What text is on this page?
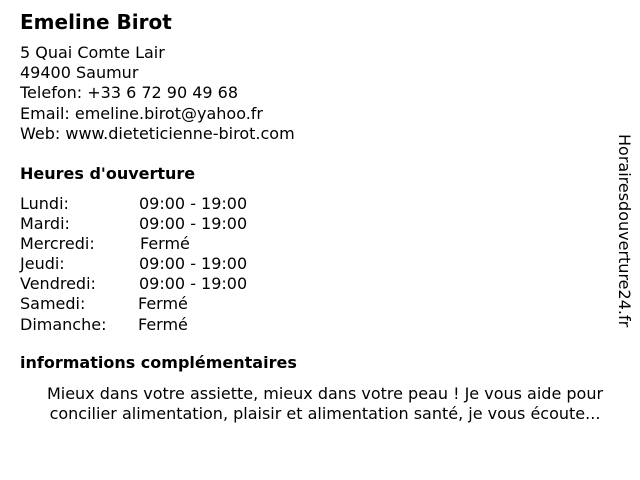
Emeline Birot
5 Quai Comte Lair
49400 Saumur
Telefon: +33 6 72 90 49 68
Email: emeline.birot@yahoo.fr
Web: www.dieteticienne-birot.com
Heures d'ouverture
Lundi:	09:00 - 19:00
Mardi:	09:00 - 19:00
Mercredi:	Fermé
Jeudi:	09:00 - 19:00
Vendredi:	09:00 - 19:00
Samedi:	Fermé
Dimanche: Fermé
informations complémentaires
Mieux dans votre assiette, mieux dans votre peau ! Je vous aide pour concilier alimentation, plaisir et alimentation santé, je vous écoute...
Horairesdouverture24.fr
